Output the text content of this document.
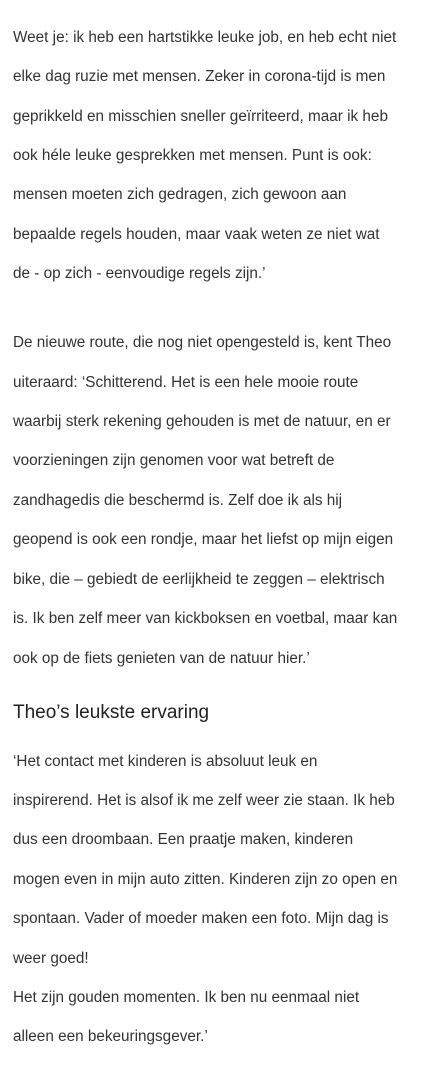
Weet je: ik heb een hartstikke leuke job, en heb echt niet

elke dag ruzie met mensen. Zeker in corona-tijd is men

geprikkeld en misschien sneller geïrriteerd, maar ik heb

ook héle leuke gesprekken met mensen. Punt is ook:

mensen moeten zich gedragen, zich gewoon aan

bepaalde regels houden, maar vaak weten ze niet wat

de - op zich - eenvoudige regels zijn.’

De nieuwe route, die nog niet opengesteld is, kent Theo

uiteraard: ‘Schitterend. Het is een hele mooie route

waarbij sterk rekening gehouden is met de natuur, en er

voorzieningen zijn genomen voor wat betreft de

zandhagedis die beschermd is. Zelf doe ik als hij

geopend is ook een rondje, maar het liefst op mijn eigen

bike, die – gebiedt de eerlijkheid te zeggen – elektrisch

is. Ik ben zelf meer van kickboksen en voetbal, maar kan

ook op de fiets genieten van de natuur hier.’

Theo’s leukste ervaring

‘Het contact met kinderen is absoluut leuk en

inspirerend. Het is alsof ik me zelf weer zie staan. Ik heb

dus een droombaan. Een praatje maken, kinderen

mogen even in mijn auto zitten. Kinderen zijn zo open en

spontaan. Vader of moeder maken een foto. Mijn dag is

weer goed!

Het zijn gouden momenten. Ik ben nu eenmaal niet

alleen een bekeuringsgever.’
